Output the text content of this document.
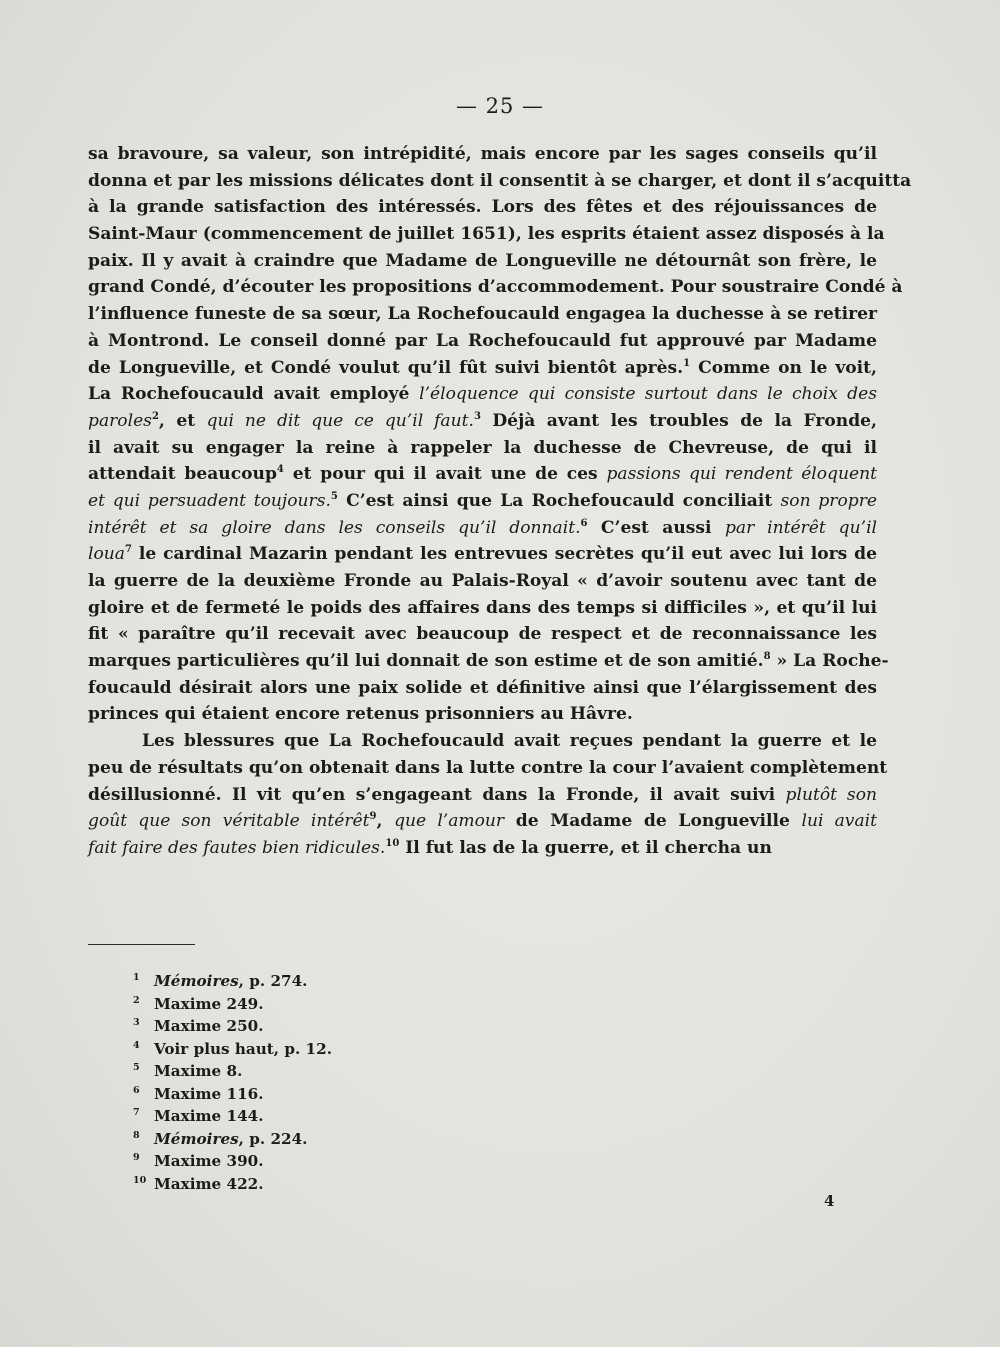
— 25 —
sa bravoure, sa valeur, son intrépidité, mais encore par les sages conseils qu’il
donna et par les missions délicates dont il consentit à se charger, et dont il s’acquitta
à la grande satisfaction des intéressés. Lors des fêtes et des réjouissances de
Saint-Maur (commencement de juillet 1651), les esprits étaient assez disposés à la
paix. Il y avait à craindre que Madame de Longueville ne détournât son frère, le
grand Condé, d’écouter les propositions d’accommodement. Pour soustraire Condé à
l’influence funeste de sa sœur, La Rochefoucauld engagea la duchesse à se retirer
à Montrond. Le conseil donné par La Rochefoucauld fut approuvé par Madame
de Longueville, et Condé voulut qu’il fût suivi bientôt après.$^1$ Comme on le voit,
La Rochefoucauld avait employé l’éloquence qui consiste surtout dans le choix des
paroles$^2$, et qui ne dit que ce qu’il faut.$^3$ Déjà avant les troubles de la Fronde,
il avait su engager la reine à rappeler la duchesse de Chevreuse, de qui il
attendait beaucoup$^4$ et pour qui il avait une de ces passions qui rendent éloquent
et qui persuadent toujours.$^5$ C’est ainsi que La Rochefoucauld conciliait son propre
intérêt et sa gloire dans les conseils qu’il donnait.$^6$ C’est aussi par intérêt qu’il
loua$^7$ le cardinal Mazarin pendant les entrevues secrètes qu’il eut avec lui lors de
la guerre de la deuxième Fronde au Palais-Royal « d’avoir soutenu avec tant de
gloire et de fermeté le poids des affaires dans des temps si difficiles », et qu’il lui
fit « paraître qu’il recevait avec beaucoup de respect et de reconnaissance les
marques particulières qu’il lui donnait de son estime et de son amitié.$^8$ » La Roche-
foucauld désirait alors une paix solide et définitive ainsi que l’élargissement des
princes qui étaient encore retenus prisonniers au Hâvre.
Les blessures que La Rochefoucauld avait reçues pendant la guerre et le
peu de résultats qu’on obtenait dans la lutte contre la cour l’avaient complètement
désillusionné. Il vit qu’en s’engageant dans la Fronde, il avait suivi plutôt son
goût que son véritable intérêt$^9$, que l’amour de Madame de Longueville lui avait
fait faire des fautes bien ridicules.$^{10}$ Il fut las de la guerre, et il chercha un
1 Mémoires, p. 274.
2 Maxime 249.
3 Maxime 250.
4 Voir plus haut, p. 12.
5 Maxime 8.
6 Maxime 116.
7 Maxime 144.
8 Mémoires, p. 224.
9 Maxime 390.
10 Maxime 422.
4
